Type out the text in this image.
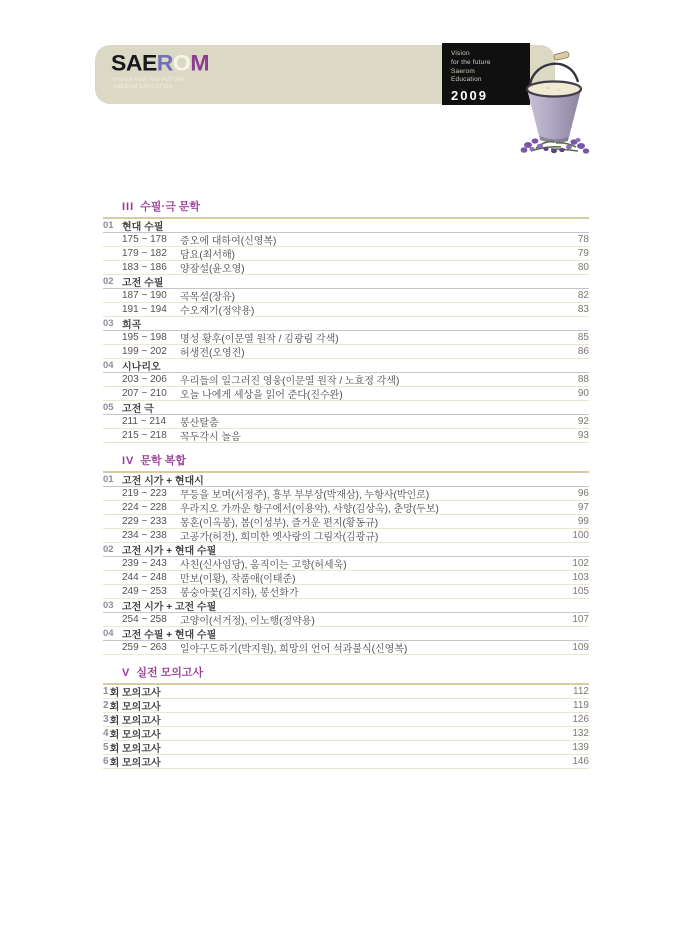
SAEROM
VISION FOR THE FUTURE
SAEROM EDUCATION
Vision
for the future
Saerom
Education
2009
III 수필·극 문학
01 현대 수필
175 ~ 178	증오에 대하여(신영복)	78
179 ~ 182	담요(최서해)	79
183 ~ 186	양잠설(윤오영)	80
02 고전 수필
187 ~ 190	곡목설(장유)	82
191 ~ 194	수오재기(정약용)	83
03 희곡
195 ~ 198	명성 황후(이문열 원작 / 김광림 각색)	85
199 ~ 202	허생전(오영진)	86
04 시나리오
203 ~ 206	우리들의 일그러진 영웅(이문열 원작 / 노효정 각색)	88
207 ~ 210	오늘 나에게 세상을 읽어 준다(진수완)	90
05 고전 극
211 ~ 214	봉산탈춤	92
215 ~ 218	꼭두각시 놀음	93
IV 문학 복합
01 고전 시가 + 현대시
219 ~ 223	무등을 보며(서정주), 흥부 부부상(박재삼), 누항사(박인로)	96
224 ~ 228	우라지오 가까운 항구에서(이용악), 사향(김상옥), 춘망(두보)	97
229 ~ 233	몽혼(이옥봉), 봄(이성부), 즐거운 편지(황동규)	99
234 ~ 238	고공가(허전), 희미한 옛사랑의 그림자(김광규)	100
02 고전 시가 + 현대 수필
239 ~ 243	사친(신사임당), 움직이는 고향(허세욱)	102
244 ~ 248	만보(이황), 작품애(이태준)	103
249 ~ 253	봉숭아꽃(김지하), 봉선화가	105
03 고전 시가 + 고전 수필
254 ~ 258	고양이(서거정), 이노행(정약용)	107
04 고전 수필 + 현대 수필
259 ~ 263	일야구도하기(박지원), 희망의 언어 석과불식(신영복)	109
V 실전 모의고사
1 회 모의고사	112
2 회 모의고사	119
3 회 모의고사	126
4 회 모의고사	132
5 회 모의고사	139
6 회 모의고사	146
